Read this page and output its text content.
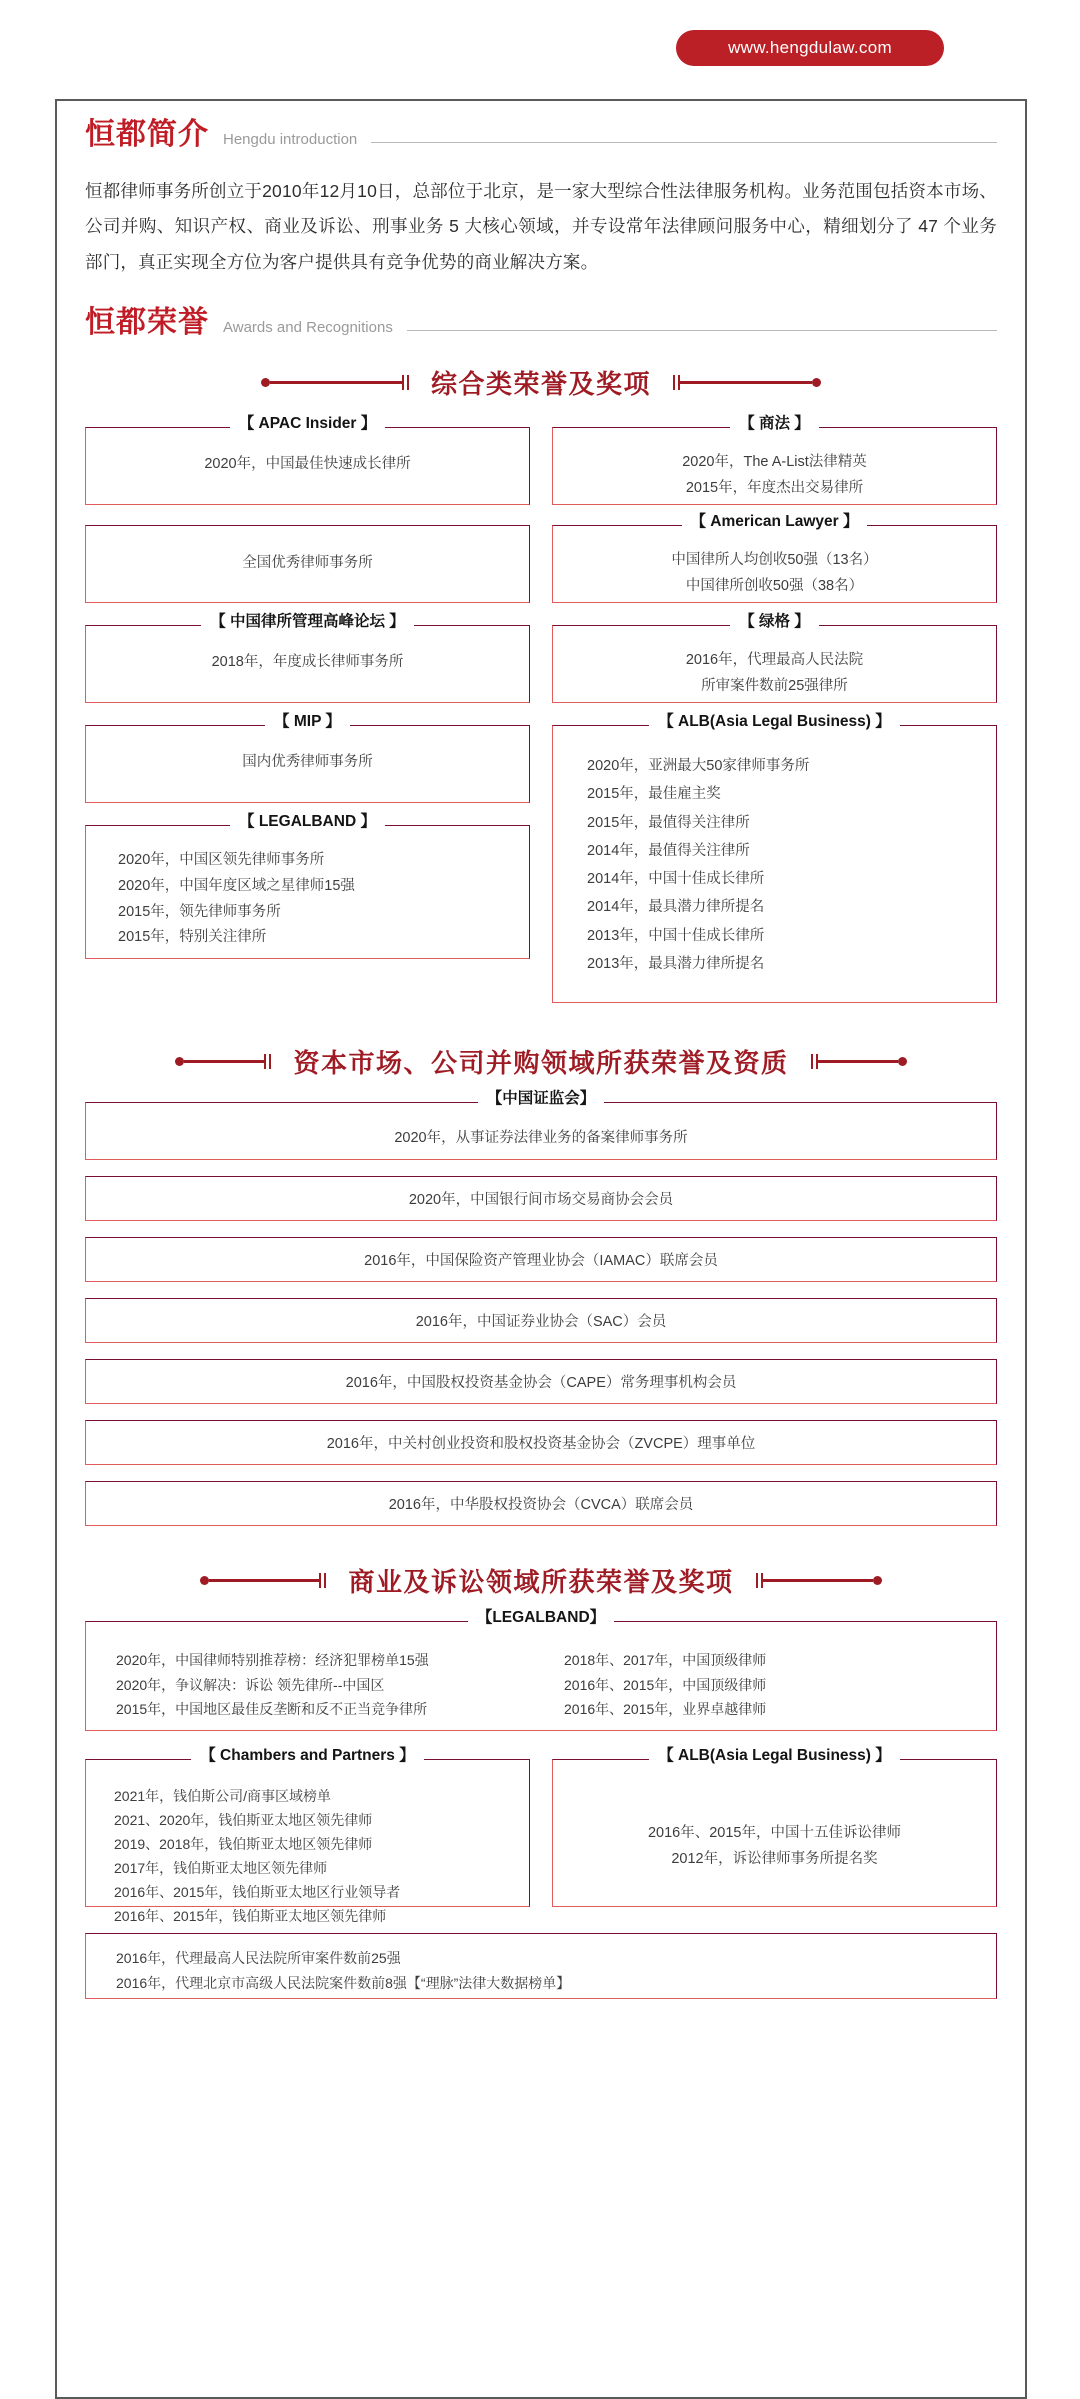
www.hengdulaw.com
恒都简介 Hengdu introduction
恒都律师事务所创立于2010年12月10日，总部位于北京，是一家大型综合性法律服务机构。业务范围包括资本市场、公司并购、知识产权、商业及诉讼、刑事业务 5 大核心领域，并专设常年法律顾问服务中心，精细划分了 47 个业务部门，真正实现全方位为客户提供具有竞争优势的商业解决方案。
恒都荣誉 Awards and Recognitions
综合类荣誉及奖项
【 APAC Insider 】
2020年，中国最佳快速成长律所
全国优秀律师事务所
【 中国律所管理高峰论坛 】
2018年，年度成长律师事务所
【 MIP 】
国内优秀律师事务所
【 LEGALBAND 】
2020年，中国区领先律师事务所
2020年，中国年度区域之星律师15强
2015年，领先律师事务所
2015年，特别关注律所
【 商法 】
2020年，The A-List法律精英
2015年，年度杰出交易律所
【 American Lawyer 】
中国律所人均创收50强（13名）
中国律所创收50强（38名）
【 绿格 】
2016年，代理最高人民法院
所审案件数前25强律所
【 ALB(Asia Legal Business) 】
2020年，亚洲最大50家律师事务所
2015年，最佳雇主奖
2015年，最值得关注律所
2014年，最值得关注律所
2014年，中国十佳成长律所
2014年，最具潜力律所提名
2013年，中国十佳成长律所
2013年，最具潜力律所提名
资本市场、公司并购领域所获荣誉及资质
【中国证监会】
2020年，从事证券法律业务的备案律师事务所
2020年，中国银行间市场交易商协会会员
2016年，中国保险资产管理业协会（IAMAC）联席会员
2016年，中国证券业协会（SAC）会员
2016年，中国股权投资基金协会（CAPE）常务理事机构会员
2016年，中关村创业投资和股权投资基金协会（ZVCPE）理事单位
2016年，中华股权投资协会（CVCA）联席会员
商业及诉讼领域所获荣誉及奖项
【LEGALBAND】
2020年，中国律师特别推荐榜：经济犯罪榜单15强
2020年，争议解决：诉讼 领先律所--中国区
2015年，中国地区最佳反垄断和反不正当竞争律所
2018年、2017年，中国顶级律师
2016年、2015年，中国顶级律师
2016年、2015年，业界卓越律师
【 Chambers and Partners 】
2021年，钱伯斯公司/商事区域榜单
2021、2020年，钱伯斯亚太地区领先律师
2019、2018年，钱伯斯亚太地区领先律师
2017年，钱伯斯亚太地区领先律师
2016年、2015年，钱伯斯亚太地区行业领导者
2016年、2015年，钱伯斯亚太地区领先律师
【 ALB(Asia Legal Business) 】
2016年、2015年，中国十五佳诉讼律师
2012年，诉讼律师事务所提名奖
2016年，代理最高人民法院所审案件数前25强
2016年，代理北京市高级人民法院案件数前8强【“理脉”法律大数据榜单】
